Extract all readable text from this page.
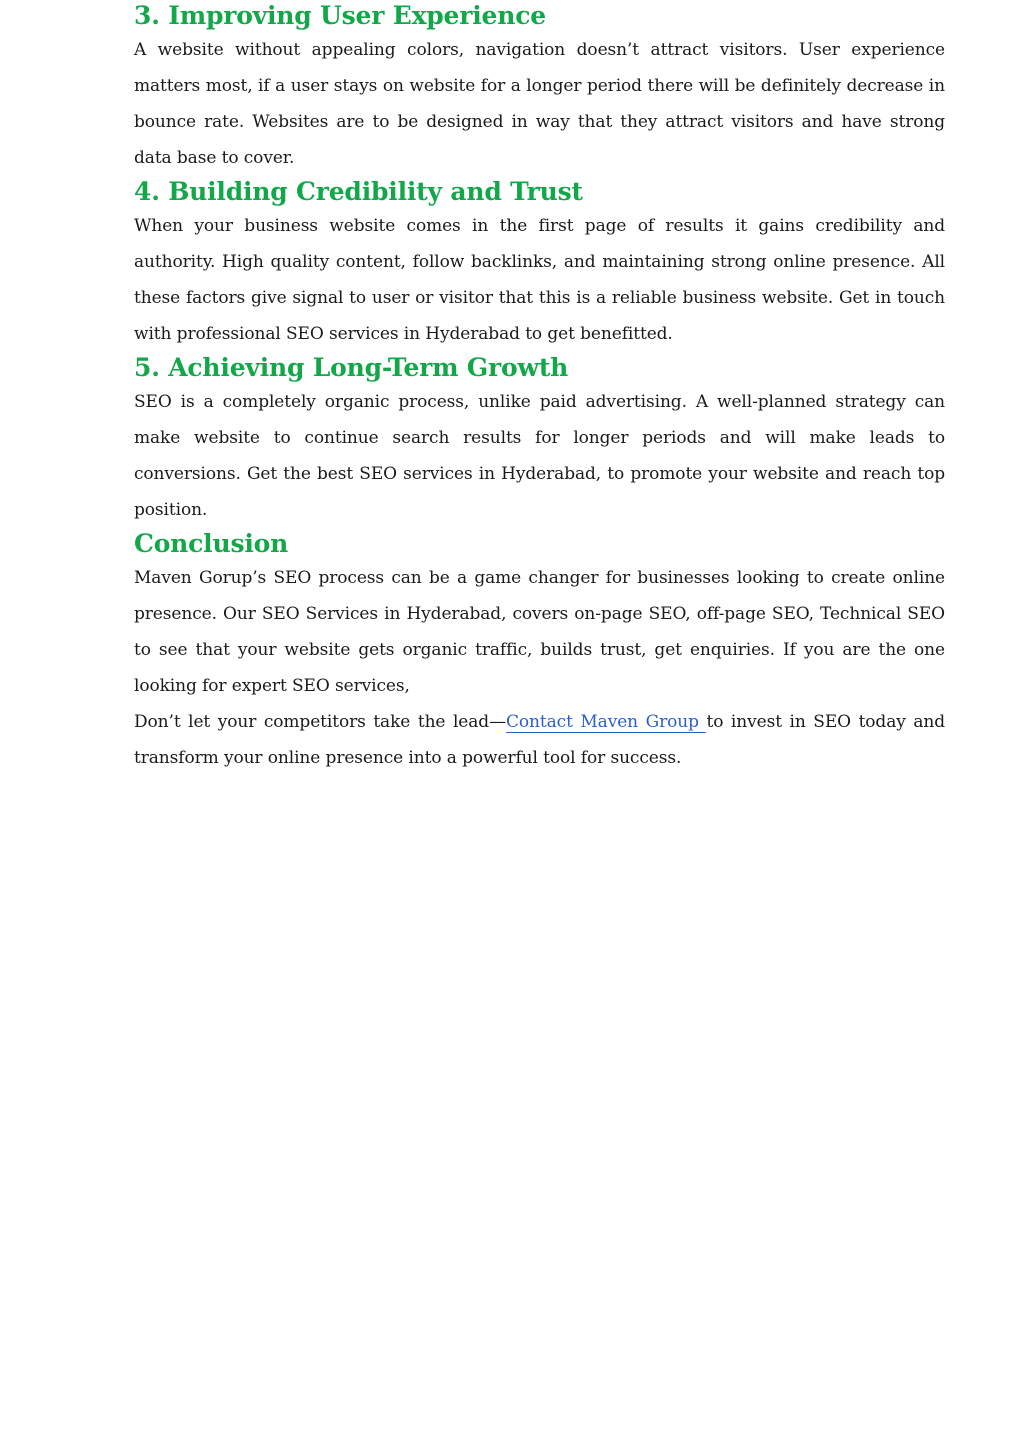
3. Improving User Experience

A website without appealing colors, navigation doesn’t attract visitors. User experience matters most, if a user stays on website for a longer period there will be definitely decrease in bounce rate. Websites are to be designed in way that they attract visitors and have strong data base to cover.

4. Building Credibility and Trust

When your business website comes in the first page of results it gains credibility and authority. High quality content, follow backlinks, and maintaining strong online presence. All these factors give signal to user or visitor that this is a reliable business website. Get in touch with professional SEO services in Hyderabad to get benefitted.

5. Achieving Long-Term Growth

SEO is a completely organic process, unlike paid advertising. A well-planned strategy can make website to continue search results for longer periods and will make leads to conversions. Get the best SEO services in Hyderabad, to promote your website and reach top position.

Conclusion

Maven Gorup’s SEO process can be a game changer for businesses looking to create online presence. Our SEO Services in Hyderabad, covers on-page SEO, off-page SEO, Technical SEO to see that your website gets organic traffic, builds trust, get enquiries. If you are the one looking for expert SEO services,

Don’t let your competitors take the lead—Contact Maven Group to invest in SEO today and transform your online presence into a powerful tool for success.
